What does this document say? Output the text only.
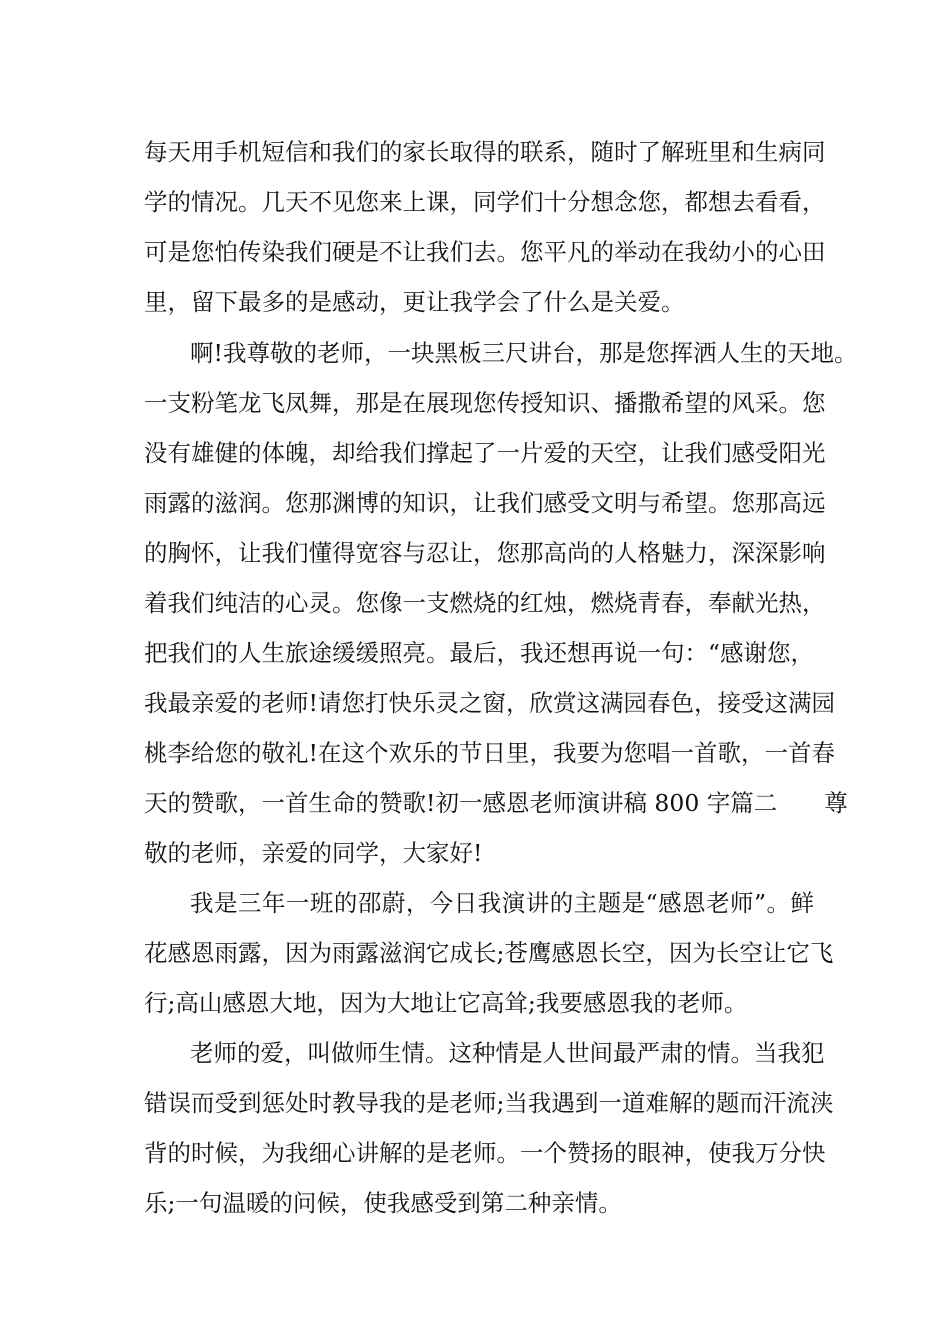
每天用手机短信和我们的家长取得的联系，随时了解班里和生病同
学的情况。几天不见您来上课，同学们十分想念您，都想去看看，
可是您怕传染我们硬是不让我们去。您平凡的举动在我幼小的心田
里，留下最多的是感动，更让我学会了什么是关爱。
啊!我尊敬的老师，一块黑板三尺讲台，那是您挥洒人生的天地。
一支粉笔龙飞凤舞，那是在展现您传授知识、播撒希望的风采。您
没有雄健的体魄，却给我们撑起了一片爱的天空，让我们感受阳光
雨露的滋润。您那渊博的知识，让我们感受文明与希望。您那高远
的胸怀，让我们懂得宽容与忍让，您那高尚的人格魅力，深深影响
着我们纯洁的心灵。您像一支燃烧的红烛，燃烧青春，奉献光热，
把我们的人生旅途缓缓照亮。最后，我还想再说一句：“感谢您，
我最亲爱的老师!请您打快乐灵之窗，欣赏这满园春色，接受这满园
桃李给您的敬礼!在这个欢乐的节日里，我要为您唱一首歌，一首春
天的赞歌，一首生命的赞歌!初一感恩老师演讲稿 800 字篇二　　尊
敬的老师，亲爱的同学，大家好!
我是三年一班的邵蔚，今日我演讲的主题是“感恩老师”。鲜
花感恩雨露，因为雨露滋润它成长;苍鹰感恩长空，因为长空让它飞
行;高山感恩大地，因为大地让它高耸;我要感恩我的老师。
老师的爱，叫做师生情。这种情是人世间最严肃的情。当我犯
错误而受到惩处时教导我的是老师;当我遇到一道难解的题而汗流浃
背的时候，为我细心讲解的是老师。一个赞扬的眼神，使我万分快
乐;一句温暖的问候，使我感受到第二种亲情。
